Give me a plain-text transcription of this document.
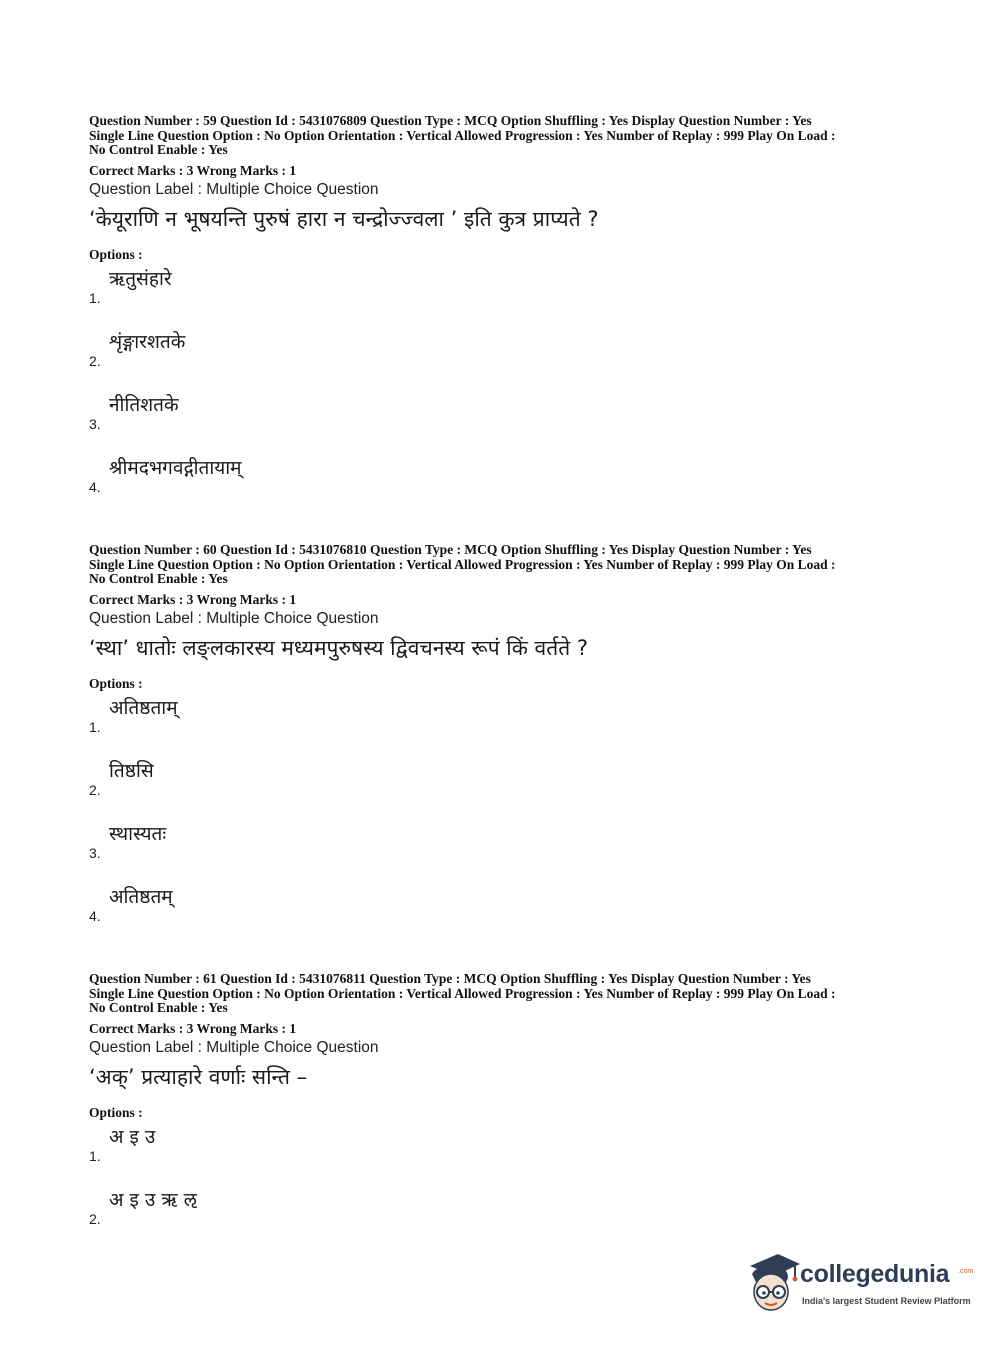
Question Number : 59 Question Id : 5431076809 Question Type : MCQ Option Shuffling : Yes Display Question Number : Yes
Single Line Question Option : No Option Orientation : Vertical Allowed Progression : Yes Number of Replay : 999 Play On Load :
No Control Enable : Yes
Correct Marks : 3 Wrong Marks : 1
Question Label : Multiple Choice Question
‘केयूराणि न भूषयन्ति पुरुषं हारा न चन्द्रोज्ज्वला ’ इति कुत्र प्राप्यते ?
Options :
1.
ऋतुसंहारे
2.
शृंङ्गारशतके
3.
नीतिशतके
4.
श्रीमदभगवद्गीतायाम्
Question Number : 60 Question Id : 5431076810 Question Type : MCQ Option Shuffling : Yes Display Question Number : Yes
Single Line Question Option : No Option Orientation : Vertical Allowed Progression : Yes Number of Replay : 999 Play On Load :
No Control Enable : Yes
Correct Marks : 3 Wrong Marks : 1
Question Label : Multiple Choice Question
‘स्था’ धातोः लङ्लकारस्य मध्यमपुरुषस्य द्विवचनस्य रूपं किं वर्तते ?
Options :
1.
अतिष्ठताम्
2.
तिष्ठसि
3.
स्थास्यतः
4.
अतिष्ठतम्
Question Number : 61 Question Id : 5431076811 Question Type : MCQ Option Shuffling : Yes Display Question Number : Yes
Single Line Question Option : No Option Orientation : Vertical Allowed Progression : Yes Number of Replay : 999 Play On Load :
No Control Enable : Yes
Correct Marks : 3 Wrong Marks : 1
Question Label : Multiple Choice Question
‘अक्’ प्रत्याहारे वर्णाः सन्ति –
Options :
1.
अ इ उ
2.
अ इ उ ऋ ऌ
collegedunia .com
India's largest Student Review Platform
